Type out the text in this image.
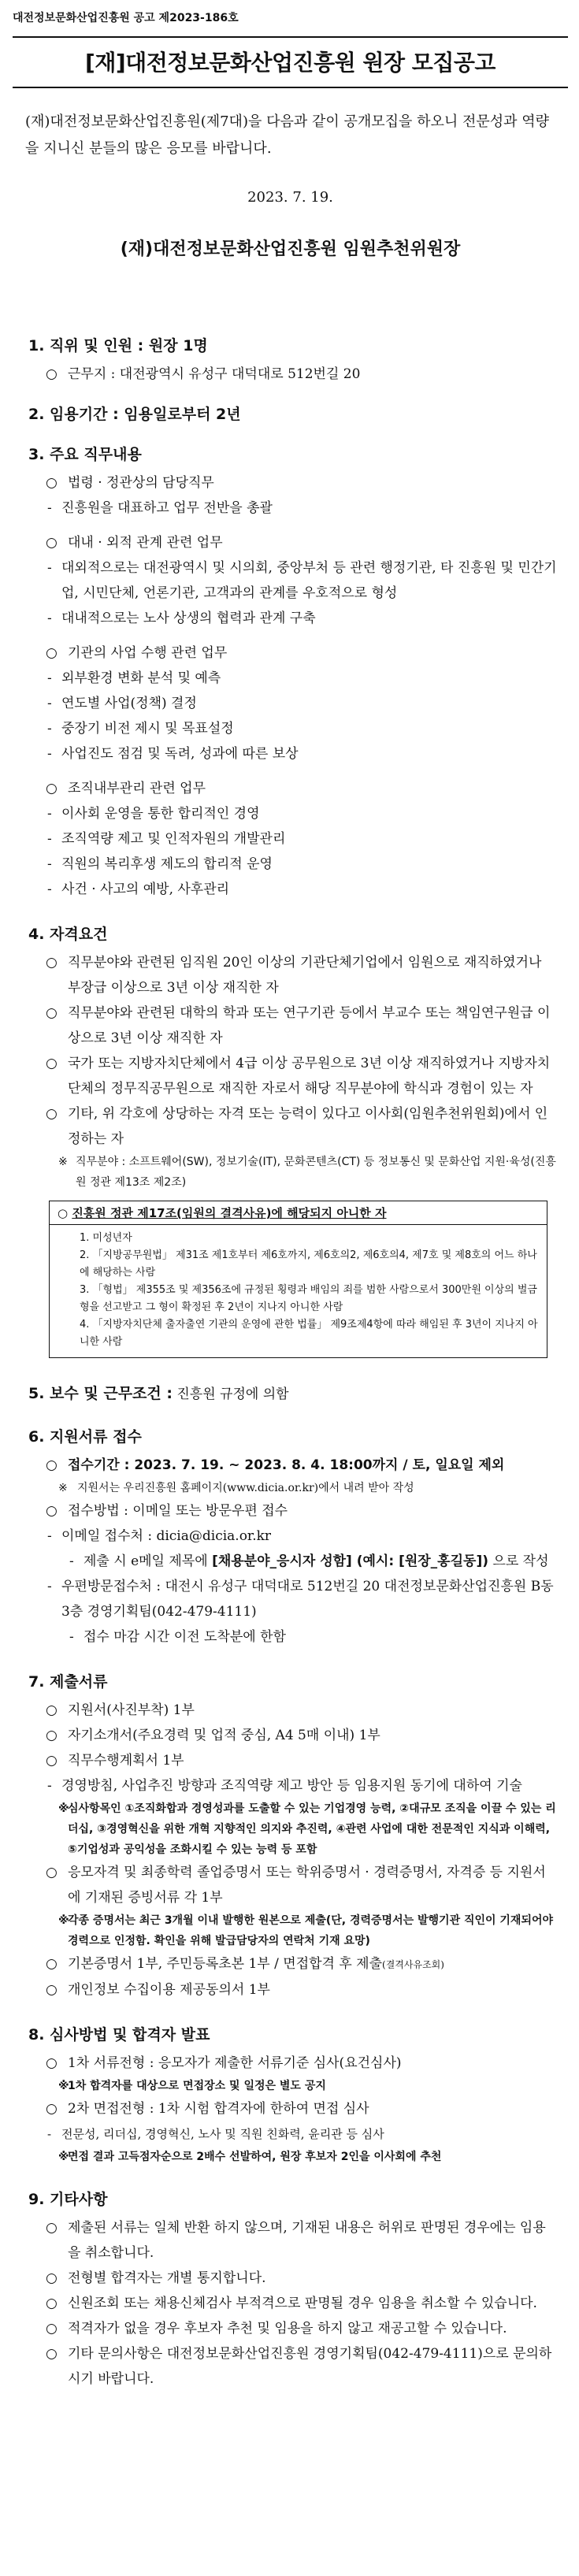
대전정보문화산업진흥원 공고 제2023-186호
[재]대전정보문화산업진흥원 원장 모집공고
(재)대전정보문화산업진흥원(제7대)을 다음과 같이 공개모집을 하오니 전문성과 역량을 지니신 분들의 많은 응모를 바랍니다.
2023. 7. 19.
(재)대전정보문화산업진흥원 임원추천위원장
1. 직위 및 인원 : 원장 1명
○ 근무지 : 대전광역시 유성구 대덕대로 512번길 20
2. 임용기간 : 임용일로부터 2년
3. 주요 직무내용
○ 법령 · 정관상의 담당직무
- 진흥원을 대표하고 업무 전반을 총괄
○ 대내 · 외적 관계 관련 업무
- 대외적으로는 대전광역시 및 시의회, 중앙부처 등 관련 행정기관, 타 진흥원 및 민간기업, 시민단체, 언론기관, 고객과의 관계를 우호적으로 형성
- 대내적으로는 노사 상생의 협력과 관계 구축
○ 기관의 사업 수행 관련 업무
- 외부환경 변화 분석 및 예측
- 연도별 사업(정책) 결정
- 중장기 비전 제시 및 목표설정
- 사업진도 점검 및 독려, 성과에 따른 보상
○ 조직내부관리 관련 업무
- 이사회 운영을 통한 합리적인 경영
- 조직역량 제고 및 인적자원의 개발관리
- 직원의 복리후생 제도의 합리적 운영
- 사건 · 사고의 예방, 사후관리
4. 자격요건
○ 직무분야와 관련된 임직원 20인 이상의 기관단체기업에서 임원으로 재직하였거나 부장급 이상으로 3년 이상 재직한 자
○ 직무분야와 관련된 대학의 학과 또는 연구기관 등에서 부교수 또는 책임연구원급 이상으로 3년 이상 재직한 자
○ 국가 또는 지방자치단체에서 4급 이상 공무원으로 3년 이상 재직하였거나 지방자치단체의 정무직공무원으로 재직한 자로서 해당 직무분야에 학식과 경험이 있는 자
○ 기타, 위 각호에 상당하는 자격 또는 능력이 있다고 이사회(임원추천위원회)에서 인정하는 자
※ 직무분야 : 소프트웨어(SW), 정보기술(IT), 문화콘텐츠(CT) 등 정보통신 및 문화산업 지원·육성(진흥원 정관 제13조 제2조)
○ 진흥원 정관 제17조(임원의 결격사유)에 해당되지 아니한 자
1. 미성년자
2. 「지방공무원법」 제31조 제1호부터 제6호까지, 제6호의2, 제6호의4, 제7호 및 제8호의 어느 하나에 해당하는 사람
3. 「형법」 제355조 및 제356조에 규정된 횡령과 배임의 죄를 범한 사람으로서 300만원 이상의 벌금형을 선고받고 그 형이 확정된 후 2년이 지나지 아니한 사람
4. 「지방자치단체 출자출연 기관의 운영에 관한 법률」 제9조제4항에 따라 해임된 후 3년이 지나지 아니한 사람
5. 보수 및 근무조건 : 진흥원 규정에 의함
6. 지원서류 접수
○ 접수기간 : 2023. 7. 19. ~ 2023. 8. 4. 18:00까지 / 토, 일요일 제외
※ 지원서는 우리진흥원 홈페이지(www.dicia.or.kr)에서 내려 받아 작성
○ 접수방법 : 이메일 또는 방문우편 접수
- 이메일 접수처 : dicia@dicia.or.kr
- 제출 시 e메일 제목에 [채용분야_응시자 성함] (예시: [원장_홍길동]) 으로 작성
- 우편방문접수처 : 대전시 유성구 대덕대로 512번길 20 대전정보문화산업진흥원 B동 3층 경영기획팀(042-479-4111)
- 접수 마감 시간 이전 도착분에 한함
7. 제출서류
○ 지원서(사진부착) 1부
○ 자기소개서(주요경력 및 업적 중심, A4 5매 이내) 1부
○ 직무수행계획서 1부
- 경영방침, 사업추진 방향과 조직역량 제고 방안 등 임용지원 동기에 대하여 기술
※ 심사항목인 ①조직화합과 경영성과를 도출할 수 있는 기업경영 능력, ②대규모 조직을 이끌 수 있는 리더십, ③경영혁신을 위한 개혁 지향적인 의지와 추진력, ④관련 사업에 대한 전문적인 지식과 이해력, ⑤기업성과 공익성을 조화시킬 수 있는 능력 등 포함
○ 응모자격 및 최종학력 졸업증명서 또는 학위증명서 · 경력증명서, 자격증 등 지원서에 기재된 증빙서류 각 1부
※ 각종 증명서는 최근 3개월 이내 발행한 원본으로 제출(단, 경력증명서는 발행기관 직인이 기재되어야 경력으로 인정함. 확인을 위해 발급담당자의 연락처 기재 요망)
○ 기본증명서 1부, 주민등록초본 1부 / 면접합격 후 제출(결격사유조회)
○ 개인정보 수집이용 제공동의서 1부
8. 심사방법 및 합격자 발표
○ 1차 서류전형 : 응모자가 제출한 서류기준 심사(요건심사)
※ 1차 합격자를 대상으로 면접장소 및 일정은 별도 공지
○ 2차 면접전형 : 1차 시험 합격자에 한하여 면접 심사
- 전문성, 리더십, 경영혁신, 노사 및 직원 친화력, 윤리관 등 심사
※ 면접 결과 고득점자순으로 2배수 선발하여, 원장 후보자 2인을 이사회에 추천
9. 기타사항
○ 제출된 서류는 일체 반환 하지 않으며, 기재된 내용은 허위로 판명된 경우에는 임용을 취소합니다.
○ 전형별 합격자는 개별 통지합니다.
○ 신원조회 또는 채용신체검사 부적격으로 판명될 경우 임용을 취소할 수 있습니다.
○ 적격자가 없을 경우 후보자 추천 및 임용을 하지 않고 재공고할 수 있습니다.
○ 기타 문의사항은 대전정보문화산업진흥원 경영기획팀(042-479-4111)으로 문의하시기 바랍니다.
